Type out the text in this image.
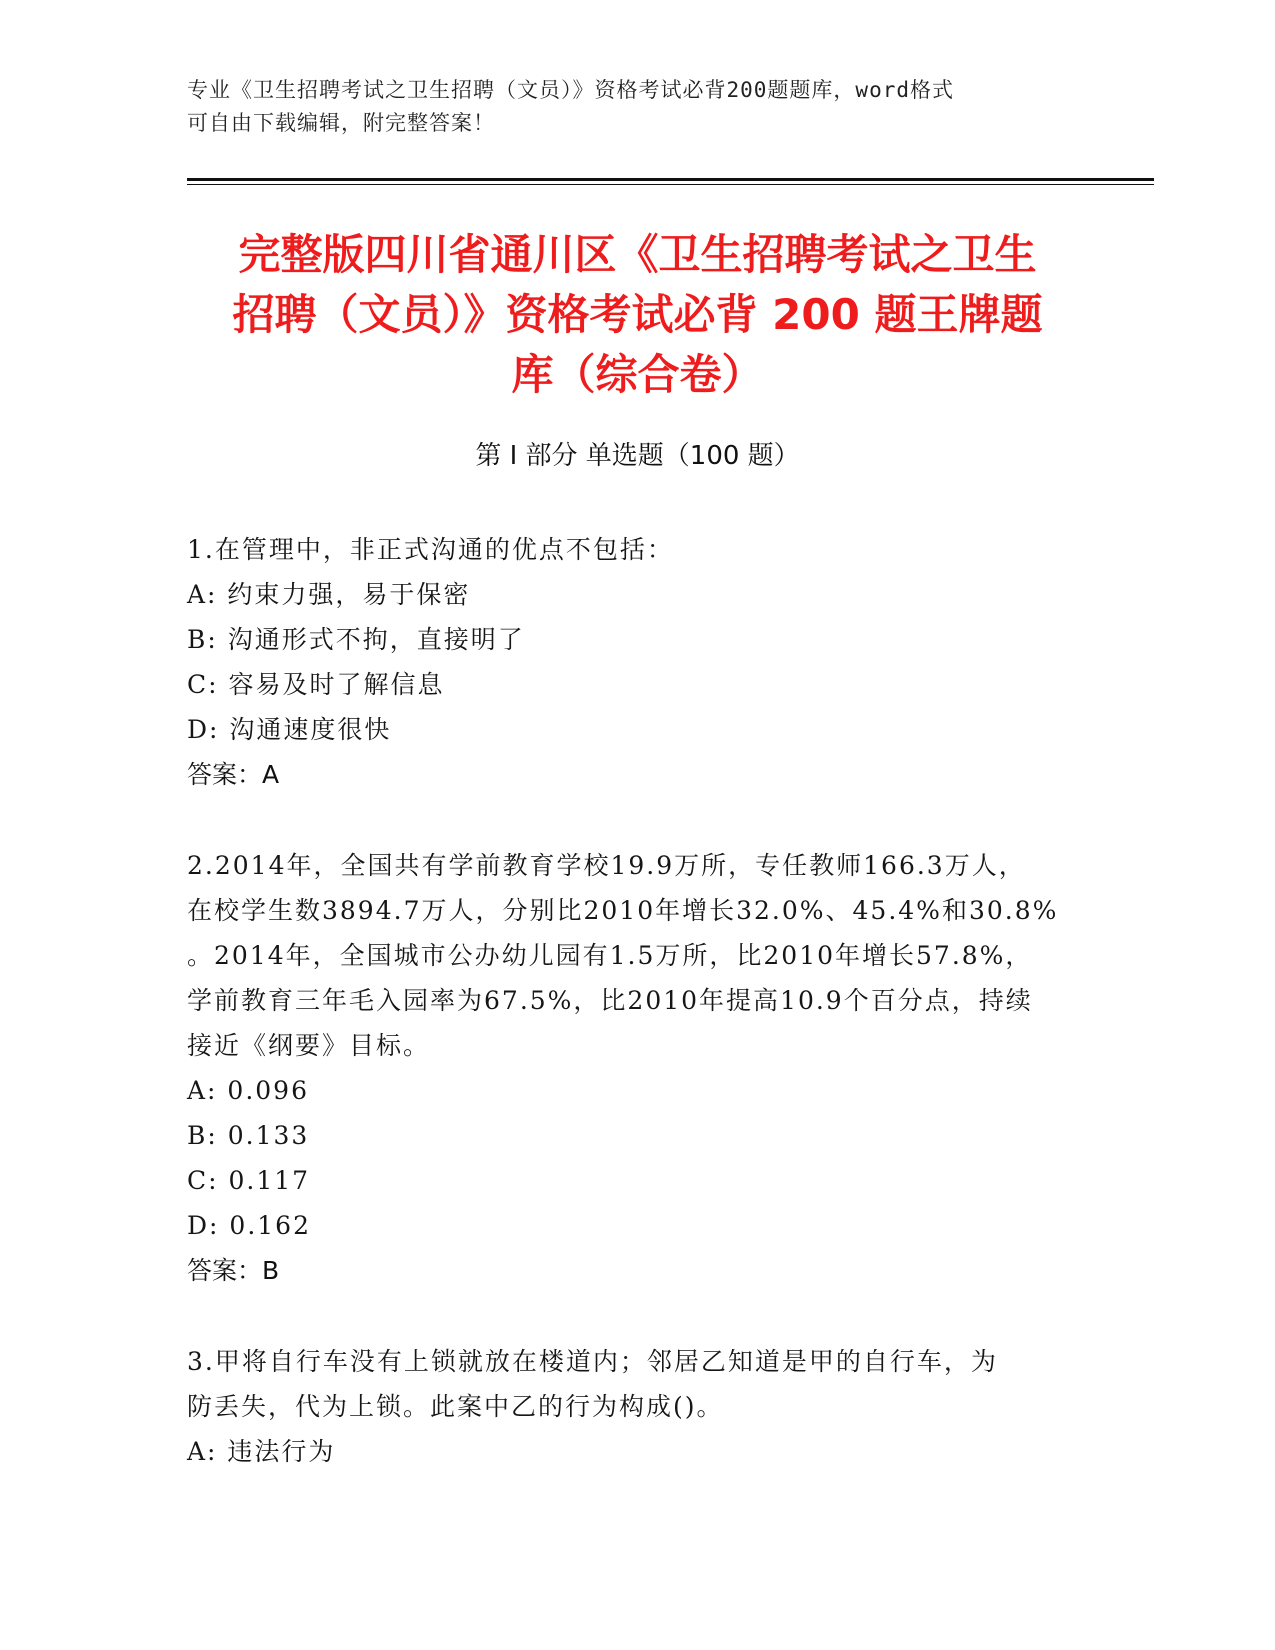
专业《卫生招聘考试之卫生招聘（文员）》资格考试必背200题题库，word格式
可自由下载编辑，附完整答案！
完整版四川省通川区《卫生招聘考试之卫生
招聘（文员）》资格考试必背 200 题王牌题
库（综合卷）
第 I 部分 单选题（100 题）
1.在管理中，非正式沟通的优点不包括：
A: 约束力强，易于保密
B: 沟通形式不拘，直接明了
C: 容易及时了解信息
D: 沟通速度很快
答案：A
2.2014年，全国共有学前教育学校19.9万所，专任教师166.3万人，
在校学生数3894.7万人，分别比2010年增长32.0%、45.4%和30.8%
。2014年，全国城市公办幼儿园有1.5万所，比2010年增长57.8%，
学前教育三年毛入园率为67.5%，比2010年提高10.9个百分点，持续
接近《纲要》目标。
A: 0.096
B: 0.133
C: 0.117
D: 0.162
答案：B
3.甲将自行车没有上锁就放在楼道内；邻居乙知道是甲的自行车，为
防丢失，代为上锁。此案中乙的行为构成()。
A: 违法行为
